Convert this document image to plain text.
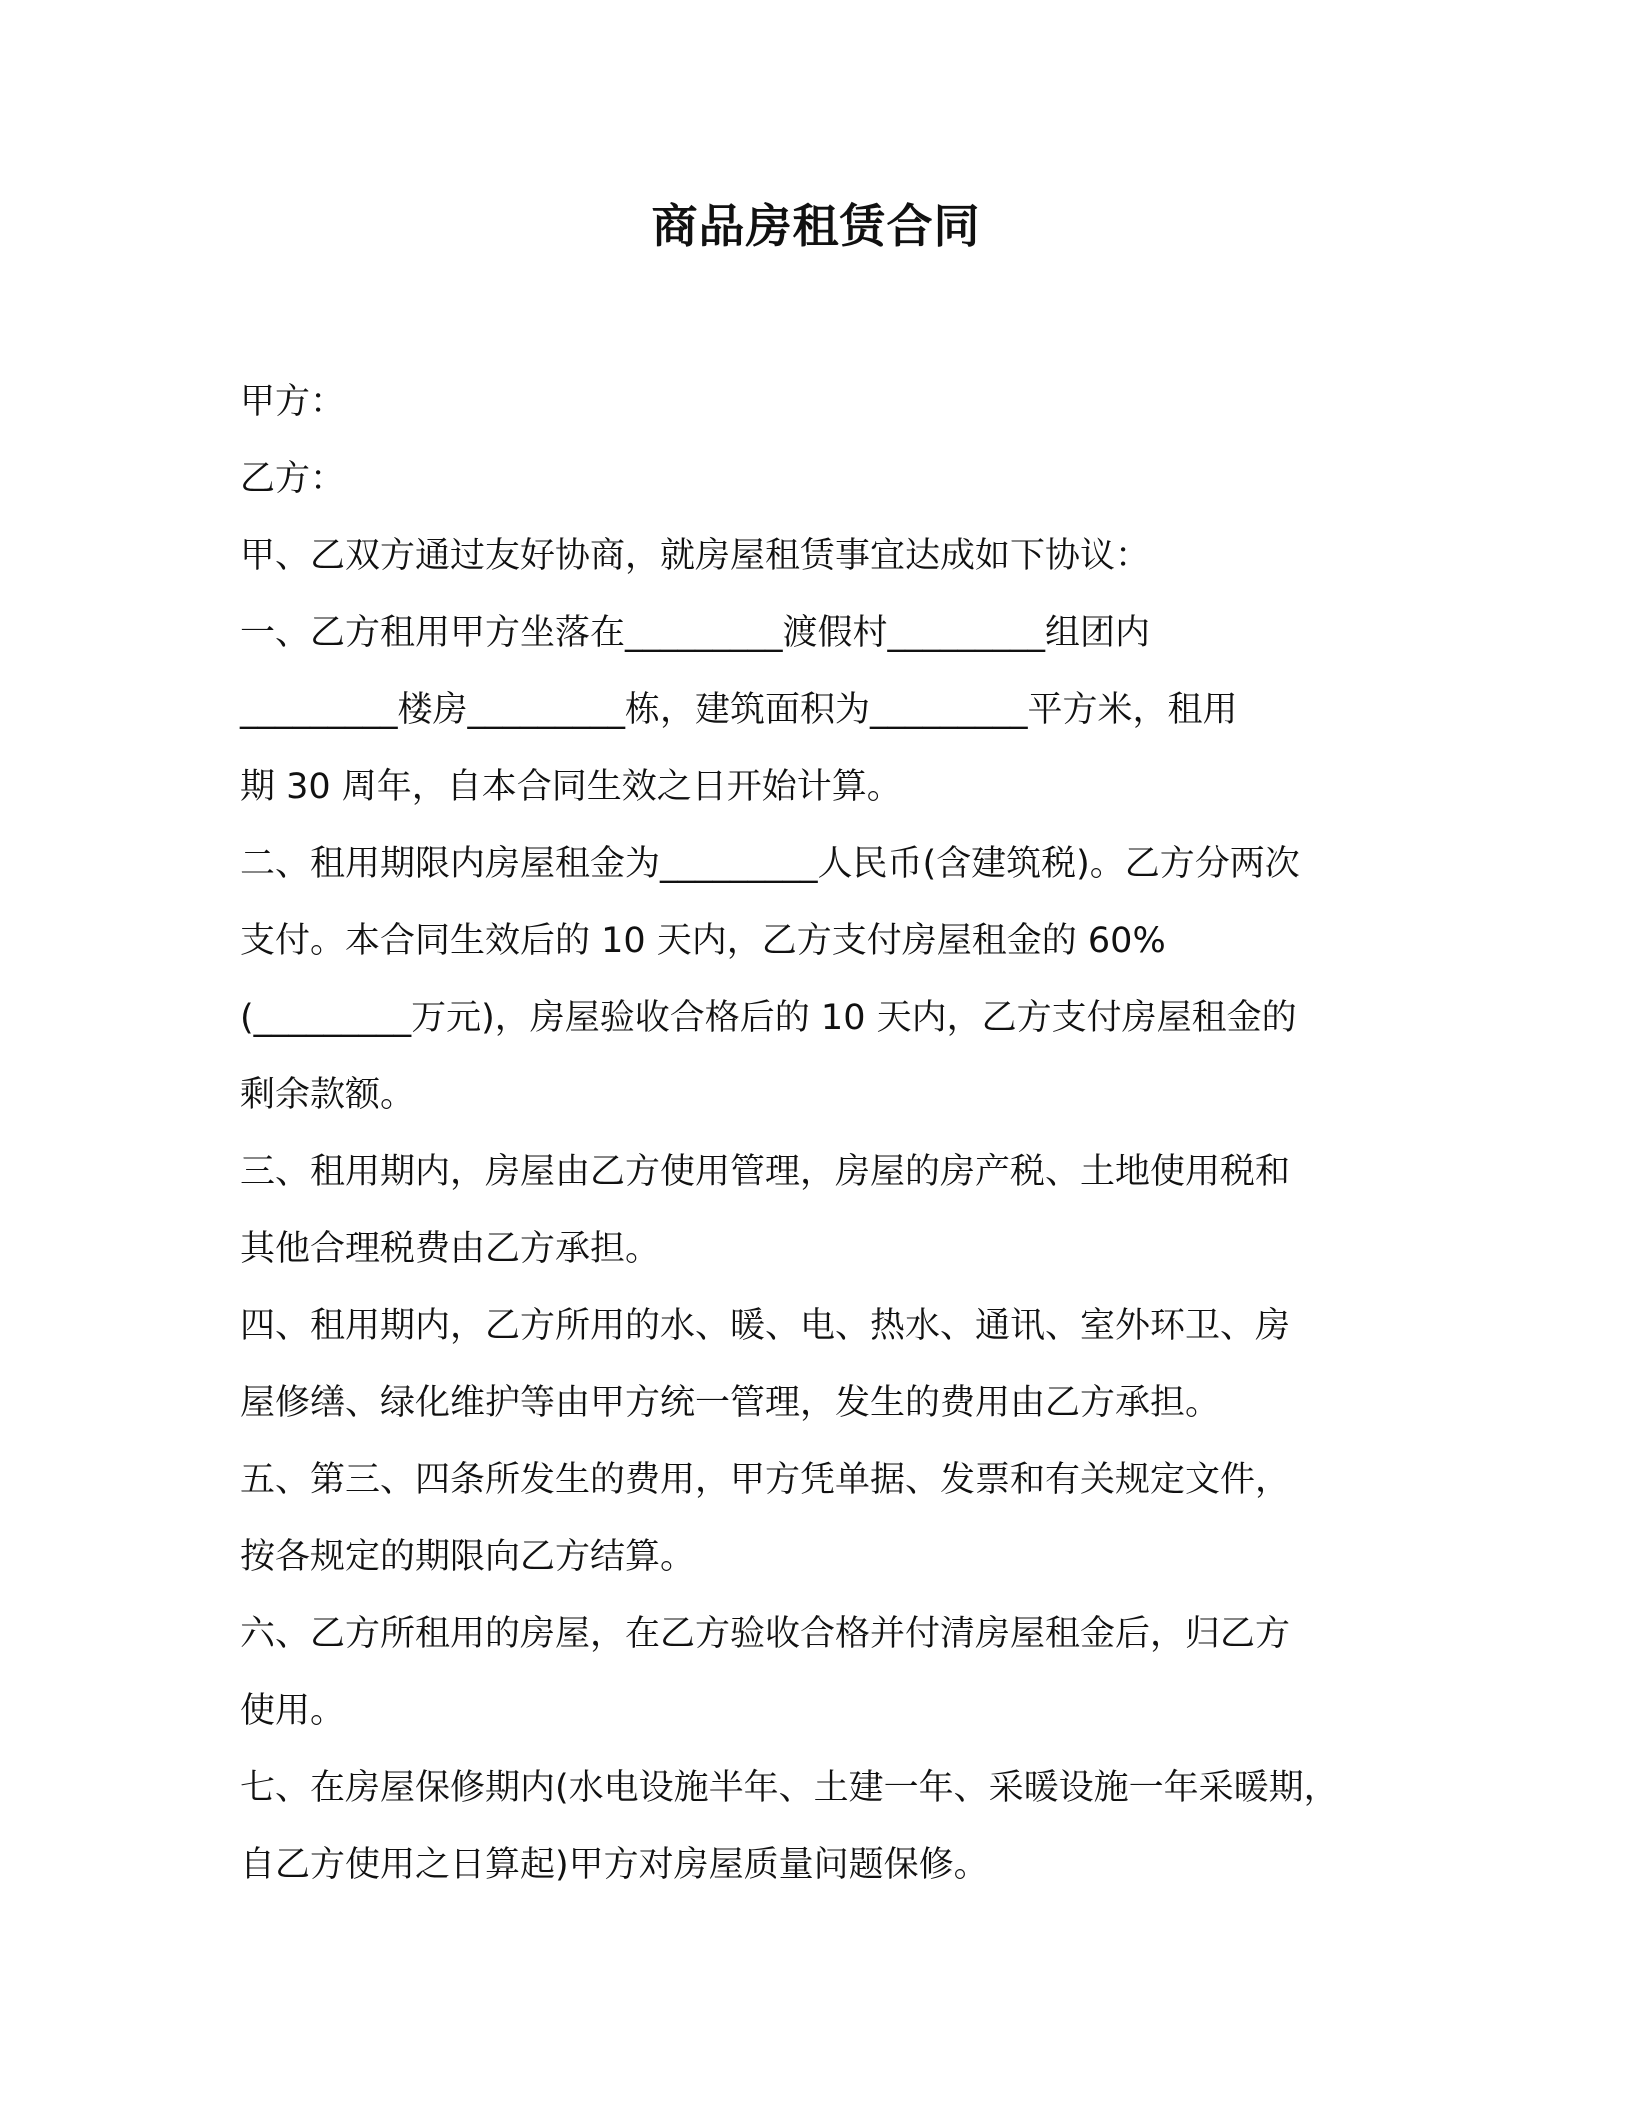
商品房租赁合同
甲方：
乙方：
甲、乙双方通过友好协商，就房屋租赁事宜达成如下协议：
一、乙方租用甲方坐落在_________渡假村_________组团内
_________楼房_________栋，建筑面积为_________平方米，租用
期 30 周年，自本合同生效之日开始计算。
二、租用期限内房屋租金为_________人民币(含建筑税)。乙方分两次
支付。本合同生效后的 10 天内，乙方支付房屋租金的 60%
(_________万元)，房屋验收合格后的 10 天内，乙方支付房屋租金的
剩余款额。
三、租用期内，房屋由乙方使用管理，房屋的房产税、土地使用税和
其他合理税费由乙方承担。
四、租用期内，乙方所用的水、暖、电、热水、通讯、室外环卫、房
屋修缮、绿化维护等由甲方统一管理，发生的费用由乙方承担。
五、第三、四条所发生的费用，甲方凭单据、发票和有关规定文件，
按各规定的期限向乙方结算。
六、乙方所租用的房屋，在乙方验收合格并付清房屋租金后，归乙方
使用。
七、在房屋保修期内(水电设施半年、土建一年、采暖设施一年采暖期，
自乙方使用之日算起)甲方对房屋质量问题保修。
